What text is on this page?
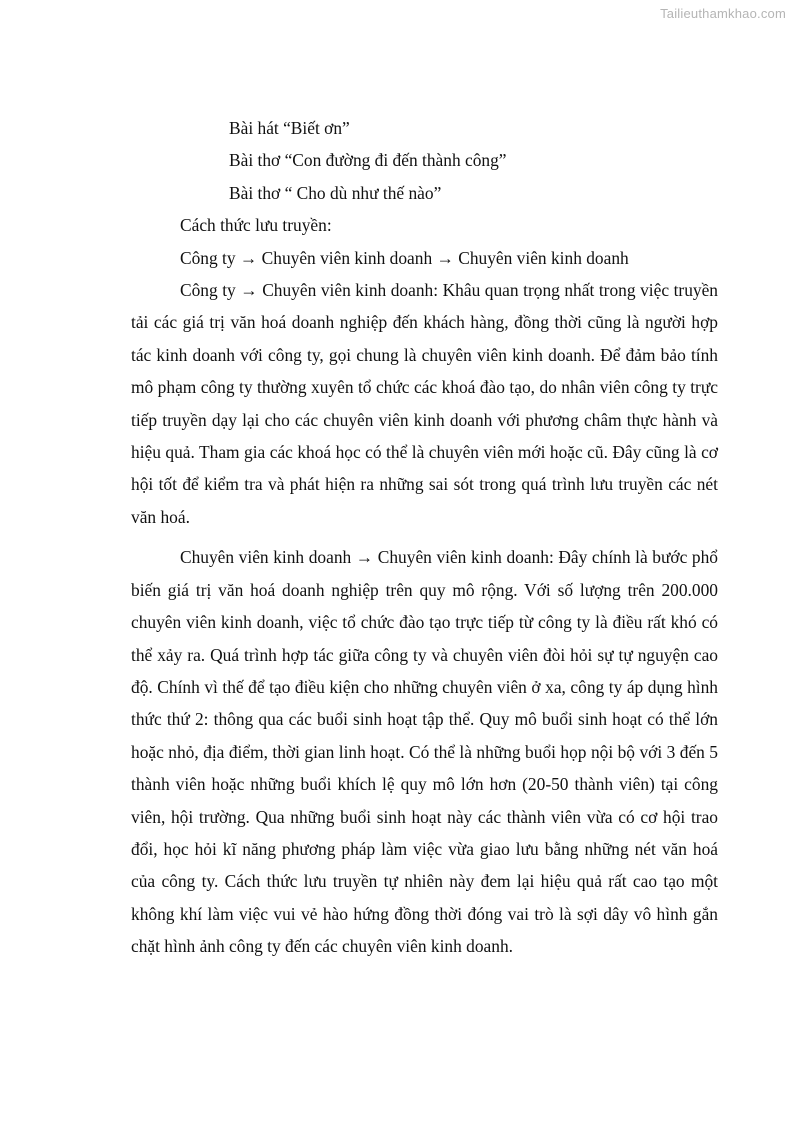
Tailieuthamkhao.com

Bài hát “Biết ơn”

Bài thơ “Con đường đi đến thành công”

Bài thơ “ Cho dù như thế nào”

Cách thức lưu truyền:

Công ty → Chuyên viên kinh doanh → Chuyên viên kinh doanh

Công ty → Chuyên viên kinh doanh: Khâu quan trọng nhất trong việc truyền tải các giá trị văn hoá doanh nghiệp đến khách hàng, đồng thời cũng là người hợp tác kinh doanh với công ty, gọi chung là chuyên viên kinh doanh. Để đảm bảo tính mô phạm công ty thường xuyên tổ chức các khoá đào tạo, do nhân viên công ty trực tiếp truyền dạy lại cho các chuyên viên kinh doanh với phương châm thực hành và hiệu quả. Tham gia các khoá học có thể là chuyên viên mới hoặc cũ. Đây cũng là cơ hội tốt để kiểm tra và phát hiện ra những sai sót trong quá trình lưu truyền các nét văn hoá.

Chuyên viên kinh doanh → Chuyên viên kinh doanh: Đây chính là bước phổ biến giá trị văn hoá doanh nghiệp trên quy mô rộng. Với số lượng trên 200.000 chuyên viên kinh doanh, việc tổ chức đào tạo trực tiếp từ công ty là điều rất khó có thể xảy ra. Quá trình hợp tác giữa công ty và chuyên viên đòi hỏi sự tự nguyện cao độ. Chính vì thế để tạo điều kiện cho những chuyên viên ở xa, công ty áp dụng hình thức thứ 2: thông qua các buổi sinh hoạt tập thể. Quy mô buổi sinh hoạt có thể lớn hoặc nhỏ, địa điểm, thời gian linh hoạt. Có thể là những buổi họp nội bộ với 3 đến 5 thành viên hoặc những buổi khích lệ quy mô lớn hơn (20-50 thành viên) tại công viên, hội trường. Qua những buổi sinh hoạt này các thành viên vừa có cơ hội trao đổi, học hỏi kĩ năng phương pháp làm việc vừa giao lưu bằng những nét văn hoá của công ty. Cách thức lưu truyền tự nhiên này đem lại hiệu quả rất cao tạo một không khí làm việc vui vẻ hào hứng đồng thời đóng vai trò là sợi dây vô hình gắn chặt hình ảnh công ty đến các chuyên viên kinh doanh.
